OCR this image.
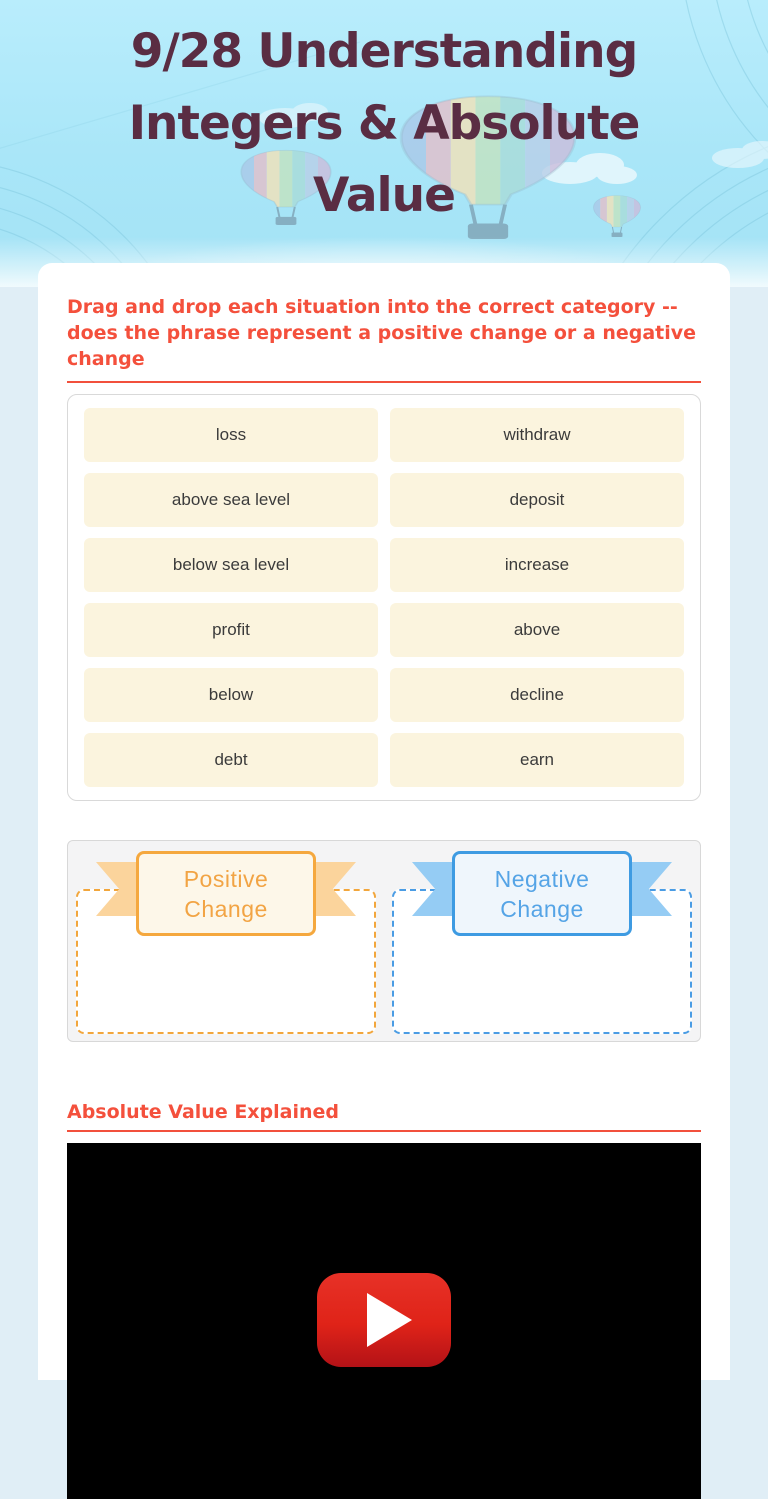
9/28 Understanding Integers & Absolute Value
Drag and drop each situation into the correct category -- does the phrase represent a positive change or a negative change
loss	withdraw
above sea level	deposit
below sea level	increase
profit	above
below	decline
debt	earn
Positive Change
Negative Change
Absolute Value Explained
